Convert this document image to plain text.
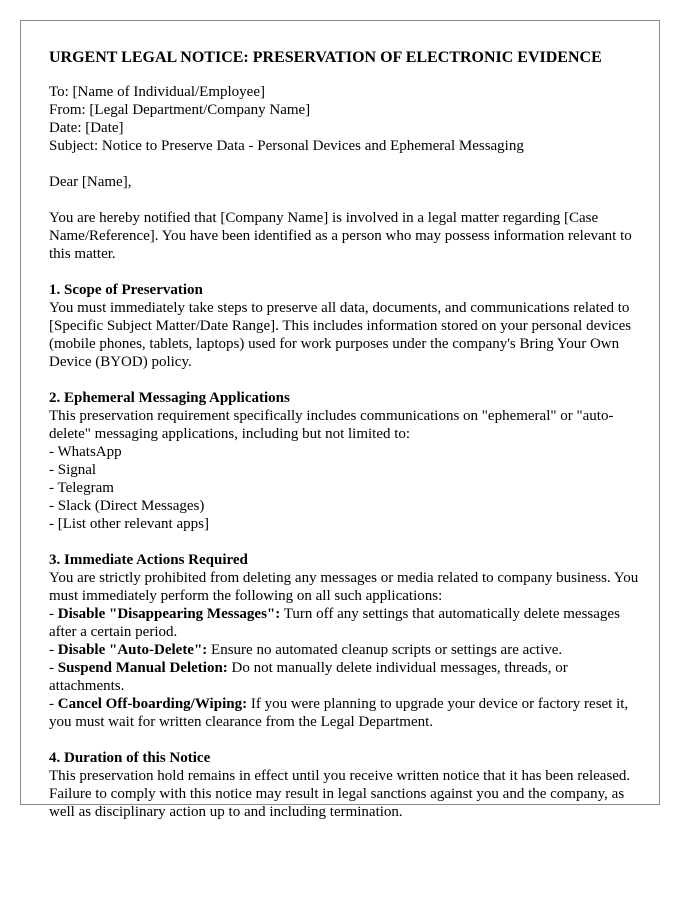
URGENT LEGAL NOTICE: PRESERVATION OF ELECTRONIC EVIDENCE
To: [Name of Individual/Employee]
From: [Legal Department/Company Name]
Date: [Date]
Subject: Notice to Preserve Data - Personal Devices and Ephemeral Messaging

Dear [Name],

You are hereby notified that [Company Name] is involved in a legal matter regarding [Case Name/Reference]. You have been identified as a person who may possess information relevant to this matter.

1. Scope of Preservation

You must immediately take steps to preserve all data, documents, and communications related to [Specific Subject Matter/Date Range]. This includes information stored on your personal devices (mobile phones, tablets, laptops) used for work purposes under the company's Bring Your Own Device (BYOD) policy.

2. Ephemeral Messaging Applications

This preservation requirement specifically includes communications on "ephemeral" or "auto-delete" messaging applications, including but not limited to:

- WhatsApp
- Signal
- Telegram
- Slack (Direct Messages)
- [List other relevant apps]
3. Immediate Actions Required

You are strictly prohibited from deleting any messages or media related to company business. You must immediately perform the following on all such applications:

- Disable "Disappearing Messages": Turn off any settings that automatically delete messages after a certain period.

- Disable "Auto-Delete": Ensure no automated cleanup scripts or settings are active.

- Suspend Manual Deletion: Do not manually delete individual messages, threads, or attachments.

- Cancel Off-boarding/Wiping: If you were planning to upgrade your device or factory reset it, you must wait for written clearance from the Legal Department.

4. Duration of this Notice

This preservation hold remains in effect until you receive written notice that it has been released. Failure to comply with this notice may result in legal sanctions against you and the company, as well as disciplinary action up to and including termination.
